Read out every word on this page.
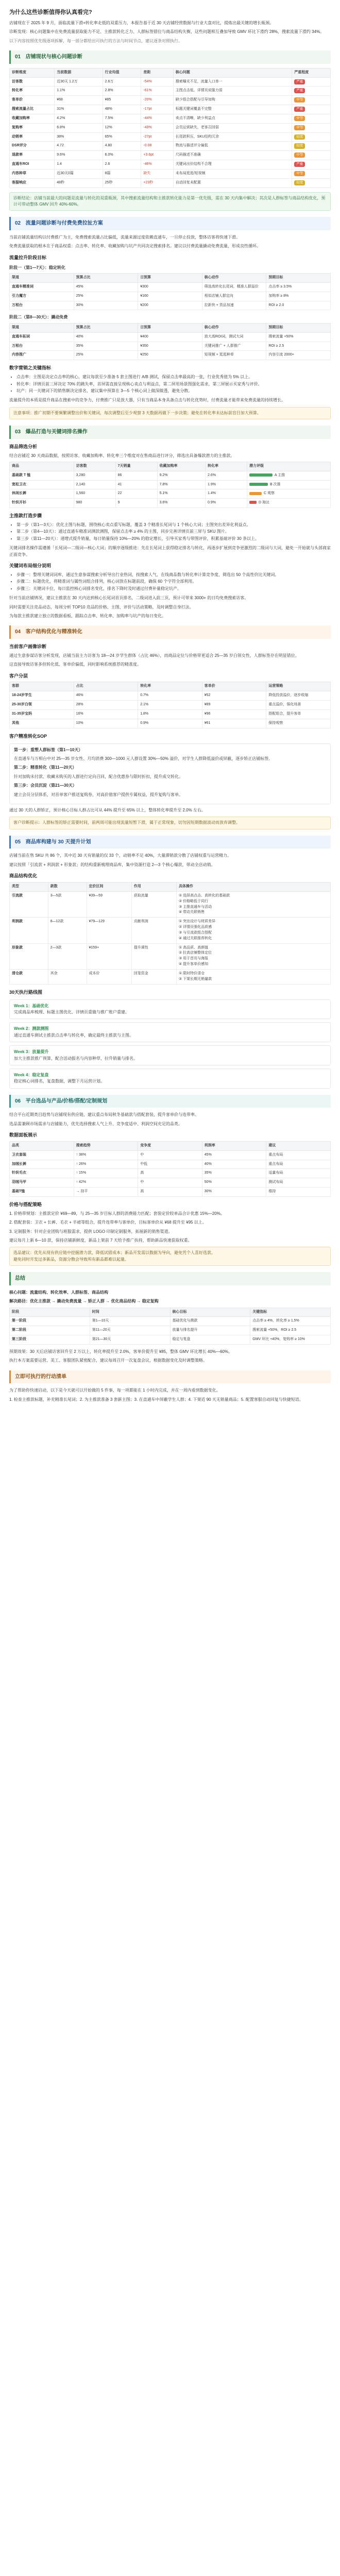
为什么这些诊断值得你认真看完?

店铺现在于 2025 年 9 月，面临流量下滑+转化率走低的双重压力，本报告基于近 30 天店铺经营数据与行业大盘对比，提炼出最关键的增长瓶颈。

诊断发现：核心问题集中在免费流量获取能力不足、主推款转化乏力、人群标签错位与商品结构失衡，这些问题相互叠加导致 GMV 环比下滑约 28%，搜索流量下滑约 34%。

以下内容按照优先级逐项拆解，每一部分都给出可执行的方法与时间节点，建议逐条对照执行。

01 店铺现状与核心问题诊断
诊断维度	当前数据	行业均值	差距	核心问题	严重程度
访客数	近30天 1.2万	2.6万	-54%	搜索曝光不足，流量入口单一	严重
转化率	1.1%	2.8%	-61%	主图点击低、详情页说服力弱	严重
客单价	¥68	¥85	-20%	缺少组合搭配与引导加购	中等
搜索流量占比	31%	48%	-17pt	标题关键词覆盖不完整	严重
收藏加购率	4.2%	7.5%	-44%	卖点不清晰，缺少利益点	中等
复购率	6.8%	12%	-43%	会员运营缺失，老客召回弱	中等
动销率	38%	65%	-27pt	长尾款积压，SKU结构冗余	轻度
DSR评分	4.72	4.80	-0.08	物流与描述评分偏低	轻度
退款率	9.6%	6.0%	+3.6pt	尺码描述不准确	中等
直通车ROI	1.4	2.6	-46%	关键词出价结构不合理	严重
内容种草	近30天0篇	8篇	缺失	未布局逛逛/短视频	中等
客服响应	48秒	25秒	+23秒	自动回复未配置	轻度
诊断结论：店铺当前最大的问题是流量与转化的双重瓶颈，其中搜索流量结构和主推款转化能力是第一优先级，需在 30 天内集中解决；其次是人群标签与商品结构优化，预计可带动整体 GMV 回升 40%-60%。
02 流量问题诊断与付费免费拉扯方案

当前店铺流量结构以付费推广为主，免费搜索流量占比偏低，流量来源过度依赖直通车，一旦停止投放，整体访客将快速下滑。

免费流量获取的根本在于商品权重：点击率、转化率、收藏加购与坑产共同决定搜索排名。建议以付费流量撬动免费流量，形成良性循环。

流量拉升阶段目标
阶段一（第1—7天）：稳定转化
渠道	预算占比	日预算	核心动作	预期目标
直通车精准词	45%	¥300	筛选高转化长尾词，精准人群溢价	点击率 ≥ 3.5%
引力魔方	25%	¥160	相似店铺人群定向	加购率 ≥ 8%
万相台	30%	¥200	拉新快 + 货品加速	ROI ≥ 2.0
阶段二（第8—30天）：撬动免费
渠道	预算占比	日预算	核心动作	预期目标
直通车拓词	40%	¥400	放大高ROI词，测试大词	搜索流量 +50%
万相台	35%	¥350	关键词推广 + 人群推广	ROI ≥ 2.5
内容推广	25%	¥250	短视频 + 逛逛种草	内容引流 2000+
数字营销之关键指标
• 点击率：主图是决定点击率的核心，建议每款至少准备 5 套主图进行 A/B 测试，保留点击率最高的一张，行业优秀值为 5% 以上。
• 转化率：详情页前三屏决定 70% 的跳失率，首屏需直接呈现核心卖点与利益点，第二屏用场景图强化需求，第三屏展示买家秀与评价。
• 坑产：同一关键词下的销售额决定排名，建议集中预算在 3—5 个核心词上做深做透，避免分散。

流量提升的本质是提升商品在搜索中的竞争力，付费推广只是放大器，只有当商品本身具备点击与转化优势时，付费流量才能带来免费流量的持续增长。

注意事项：推广初期不要频繁调整出价和关键词，每次调整后至少观察 3 天数据再做下一步决策；避免在转化率未达标前盲目加大预算。
03 爆品打造与关键词排名操作
商品筛选分析

结合店铺近 30 天商品数据，按照访客、收藏加购率、转化率三个维度对在售商品进行评分，筛选出具备爆款潜力的主推款。

商品	访客数	7天销量	收藏加购率	转化率	潜力评级
基础款 T 恤	3,280	86	9.2%	2.6%	A 主推
宽松卫衣	2,140	41	7.8%	1.9%	B 次推
休闲长裤	1,560	22	5.1%	1.4%	C 观察
针织开衫	980	9	3.6%	0.9%	D 淘汰
主推款打造步骤
• 第一步（第1—3天）：优化主图与标题，围绕核心卖点重写标题，覆盖 3 个精准长尾词与 1 个核心大词；主图突出差异化利益点。
• 第二步（第4—10天）：通过直通车精准词测款测图，保留点击率 ≥ 4% 的主图，同步完善详情页前三屏与 SKU 图片。
• 第三步（第11—20天）：递增式提升销量，每日销量保持 10%—20% 的稳定增长，引导买家秀与带图评价，积累基础评价 30 条以上。

关键词排名操作需遵循「长尾词—二级词—核心大词」的顺序逐级推进：先在长尾词上获得稳定排名与转化，再逐步扩展到竞争更激烈的二级词与大词，避免一开始就与头部商家正面竞争。

关键词布局细分说明
• 步骤一：整理关键词词库，通过生意参谋搜索分析导出行业热词，按搜索人气、在线商品数与转化率计算竞争度，筛选出 50 个高性价比关键词。
• 步骤二：标题优化，将精准词与属性词组合排列，核心词放在标题前段，确保 60 个字符全部利用。
• 步骤三：关键词卡位，每日监控核心词排名变化，排名下降时及时通过付费补量稳定坑产。

针对当前店铺情况，建议主推款在 30 天内达到核心长尾词首页排名，二级词进入前三页，预计可带来 3000+ 的日均免费搜索访客。

同时需要关注竞品动态，每周分析 TOP10 竞品的价格、主图、评价与活动策略，及时调整自身打法。

为每款主推款建立独立的数据看板，跟踪点击率、转化率、加购率与坑产的每日变化。

04 客户结构优化与精准转化
当前客户画像诊断

通过生意参谋访客分析发现，店铺当前主力访客为 18—24 岁学生群体（占比 46%），而商品定位与价格带更适合 25—35 岁白领女性，人群标签存在明显错位。

这直接导致访客多但转化低、客单价偏低，同时影响系统推荐的精准度。

客户分层
客群	占比	转化率	客单价	运营策略
18-24岁学生	46%	0.7%	¥52	降低投放溢价，逐步收缩
25-30岁白领	28%	2.1%	¥89	重点溢价，强化场景
31-35岁宝妈	16%	1.8%	¥96	搭配组合，提升客单
其他	10%	0.9%	¥61	保持观察
客户精准转化SOP

第一步：重塑人群标签（第1—10天）

在直通车与万相台中对 25—35 岁女性、月均消费 300—1000 元人群设置 30%—50% 溢价，对学生人群降低溢价或屏蔽，逐步矫正店铺标签。

第二步：精准转化（第11—20天）

针对加购未付款、收藏未购买的人群进行定向召回，配合优惠券与限时折扣，提升成交转化。

第三步：会员沉淀（第21—30天）

建立会员分层体系，对首单客户推送复购券，对高价值客户提供专属权益，提升复购与客单。

通过 30 天的人群矫正，预计核心目标人群占比可从 44% 提升至 65% 以上，整体转化率提升至 2.0% 左右。

客户诊断提示：人群标签的矫正需要时间，前两周可能出现流量短暂下滑，属于正常现象，切勿因短期数据波动而放弃调整。
05 商品库构建与 30 天提升计划

店铺当前在售 SKU 共 86 个，其中近 30 天有销量的仅 33 个，动销率不足 40%，大量滞销款分散了店铺权重与运营精力。

建议按照「引流款 + 利润款 + 形象款」的结构重新梳理商品库，集中资源打造 2—3 个核心爆款，带动全店动销。

商品结构优化
类型	款数	定价区间	作用	具体操作
引流款	3—5款	¥39—59	获取流量	① 选择高点击、高转化的基础款
② 价格略低于同行
③ 主推直通车与活动
④ 带动关联销售

利润款	8—12款	¥79—129	贡献利润	① 突出设计与材质差异
② 详情页强化品质感
③ 与引流款组合搭配
④ 通过关联推荐转化

形象款	2—3款	¥159+	提升调性	① 高品质、高颜值
② 拉高店铺整体定位
③ 用于首页与海报
④ 提升客单价感知

清仓款	其余	成本价	回笼资金	① 限时特价清仓
② 下架长期无销量款
30天执行路线图
Week 1：基础优化
完成商品库梳理、标题主图优化、详情页重做与推广账户重建。
Week 2：测款测图
通过直通车测试主推款点击率与转化率，确定最终主推款与主图。
Week 3：放量提升
加大主推款推广预算，配合活动报名与内容种草，拉升销量与排名。
Week 4：稳定复盘
稳定核心词排名，复盘数据，调整下月运营计划。
06 平台选品与产品/价格/搭配/定制规划

结合平台近期类目趋势与店铺现有供应链，建议重点布局秋冬基础款与搭配套装，提升客单价与连带率。

选品需兼顾市场需求与店铺能力，优先选择搜索人气上升、竞争度适中、利润空间充足的品类。

数据面板展示
品类	搜索趋势	竞争度	利润率	建议
卫衣套装	↑ 38%	中	45%	重点布局
加绒长裤	↑ 26%	中低	40%	重点布局
针织毛衣	↑ 15%	高	35%	适量布局
羽绒马甲	↑ 42%	中	50%	测试布局
基础T恤	→ 持平	高	30%	维持
价格与搭配策略

1. 价格带规划：主推款定价 ¥69—89，与 25—35 岁目标人群的消费能力匹配；套装定价较单品合计优惠 15%—20%。

2. 搭配套装：卫衣 + 长裤、毛衣 + 半裙等组合，提升连带率与客单价，目标客单价从 ¥68 提升至 ¥95 以上。

3. 定制服务：针对企业团购与班服需求，提供 LOGO 印制定制服务，拓展新的销售渠道。

建议每月上新 6—10 款，保持店铺新鲜度，新品上架前 7 天给予推广扶持，帮助新品快速获取权重。

选品建议：优先从现有供应链中挖掘潜力款，降低试错成本；新品开发需以数据为导向，避免凭个人喜好选款。
避免同时开发过多新品，资源分散会导致所有新品都难以起量。
总结

核心问题：流量结构、转化效率、人群标签、商品结构

解决路径：优化主推款 → 撬动免费流量 → 矫正人群 → 优化商品结构 → 稳定复购

阶段	时间	核心目标	关键指标
第一阶段	第1—10天	基础优化与测款	点击率 ≥ 4%，转化率 ≥ 1.5%
第二阶段	第11—20天	放量与排名提升	搜索流量 +50%，ROI ≥ 2.5
第三阶段	第21—30天	稳定与复盘	GMV 环比 +40%，复购率 ≥ 10%

预期效果：30 天后店铺访客回升至 2 万以上，转化率提升至 2.0%，客单价提升至 ¥85，整体 GMV 环比增长 40%—60%。

执行本方案需要运营、美工、客服团队紧密配合，建议每周召开一次复盘会议，根据数据变化及时调整策略。

立即可执行的行动清单

为了帮助你快速启动，以下是今天就可以开始做的 5 件事，每一项都能在 1 小时内完成，并在一周内看到数据变化。

1. 检查主推款标题，补充精准长尾词；2. 为主推款准备 3 套新主图；3. 在直通车中屏蔽学生人群；4. 下架近 90 天无销量商品；5. 配置客服自动回复与快捷短语。
